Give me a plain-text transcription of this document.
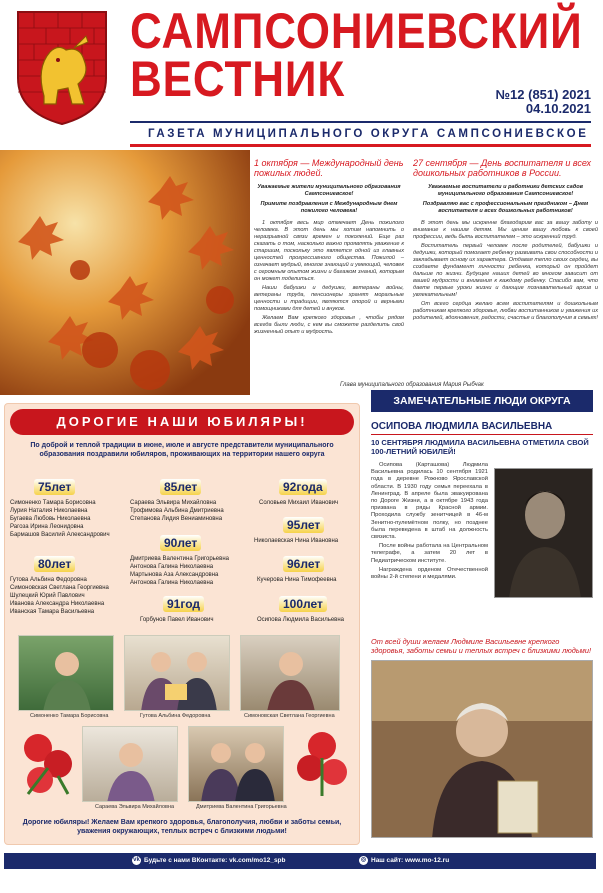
САМПСОНИЕВСКИЙ
ВЕСТНИК	№12 (851) 2021
04.10.2021
ГАЗЕТА МУНИЦИПАЛЬНОГО ОКРУГА САМПСОНИЕВСКОЕ
1 октября — Международный день пожилых людей.

Уважаемые жители муниципального образования Сампсониевское!

Примите поздравления с Международным днем пожилого человека!

1 октября весь мир отмечает День пожилого человека. В этот день мы хотим напомнить о неразрывной связи времен и поколений. Еще раз сказать о том, насколько важно проявлять уважение к старшим, поскольку это является одной из главных ценностей прогрессивного общества. Пожилой – означает мудрый, многое знающий и умеющий, человек с огромным опытом жизни и багажом знаний, которым он может поделиться.

Наши бабушки и дедушки, ветераны войны, ветераны труда, пенсионеры хранят моральные ценности и традиции, являются опорой и верными помощниками для детей и внуков.

Желаем Вам крепкого здоровья , чтобы рядом всегда были люди, с кем вы сможете разделить свой жизненный опыт и мудрость.

27 сентября — День воспитателя и всех дошкольных работников в России.

Уважаемые воспитатели и работники детских садов муниципального образования Сампсониевское!

Поздравляю вас с профессиональным праздником – Днем воспитателя и всех дошкольных работников!

В этот день мы искренне благодарим вас за вашу заботу и внимание к нашим детям. Мы ценим вашу любовь к своей профессии, ведь быть воспитателем – это искренний труд.

Воспитатель первый человек после родителей, бабушки и дедушки, который помогает ребенку развивать свои способности и закладывает основу их характера. Отдавая тепло своих сердец, вы создаете фундамент личности ребенка, который он пройдет дальше по жизни. Будущее наших детей во многом зависит от вашей мудрости и внимания к каждому ребенку. Спасибо вам, что даете первые уроки жизни и дающие познавательный архив и увлекательным!

От всего сердца желаю всем воспитателям и дошкольным работникам крепкого здоровья, любви воспитанников и уважения их родителей, вдохновения, радости, счастья и благополучия в семьях!

Глава муниципального образования Мария Рыбчак
ДОРОГИЕ НАШИ ЮБИЛЯРЫ!
По доброй и теплой традиции в июне, июле и августе представители муниципального образования поздравили юбиляров, проживающих на территории нашего округа
75лет
Симоненко Тамара Борисовна
Лурия Наталия Николаевна
Бугаева Любовь Николаевна
Рагоза Ирина Леонидовна
Бармашов Василий Александрович
80лет
Гутова Альбина Федоровна
Симоновская Светлана Георгиевна
Шулецкий Юрий Павлович
Иванова Александра Николаевна
Иванская Тамара Васильевна
85лет
Сараева Эльвира Михайловна
Трофимова Альбина Дмитриевна
Степанова Лидия Вениаминовна
90лет
Дмитриева Валентина Григорьевна
Антонова Галина Николаевна
Мартынова Аза Александровна
Антонова Галина Николаевна
91год
Горбунов Павел Иванович
92года
Соловьев Михаил Иванович
95лет
Николаевская Нина Ивановна
96лет
Кучерова Нина Тимофеевна
100лет
Осипова Людмила Васильевна
Симоненко Тамара Борисовна	Гутова Альбина Федоровна	Симоновская Светлана Георгиевна
Сараева Эльвира Михайловна	Дмитриева Валентина Григорьевна
Дорогие юбиляры! Желаем Вам крепкого здоровья, благополучия, любви и заботы семьи, уважения окружающих, теплых встреч с близкими людьми!
ЗАМЕЧАТЕЛЬНЫЕ ЛЮДИ ОКРУГА
ОСИПОВА ЛЮДМИЛА ВАСИЛЬЕВНА
10 СЕНТЯБРЯ ЛЮДМИЛА ВАСИЛЬЕВНА ОТМЕТИЛА СВОЙ 100-ЛЕТНИЙ ЮБИЛЕЙ!

Осипова (Карташова) Людмила Васильевна родилась 10 сентября 1921 года в деревне Рожново Ярославской области. В 1930 году семья переехала в Ленинград. В апреле была эвакуирована по Дороге Жизни, а в октябре 1943 года призвана в ряды Красной армии. Проходила службу зенитчицей в 46-м Зенитно-пулемётном полку, но позднее была переведена в штаб на должность связиста.

После войны работала на Центральном телеграфе, а затем 20 лет в Педиатрическом институте.

Награждена орденом Отечественной войны 2-й степени и медалями.

От всей души желаем Людмиле Васильевне крепкого здоровья, заботы семьи и теплых встреч с близкими людьми!
vk Будьте с нами ВКонтакте: vk.com/mo12_spb	◎ Наш сайт: www.mo-12.ru
